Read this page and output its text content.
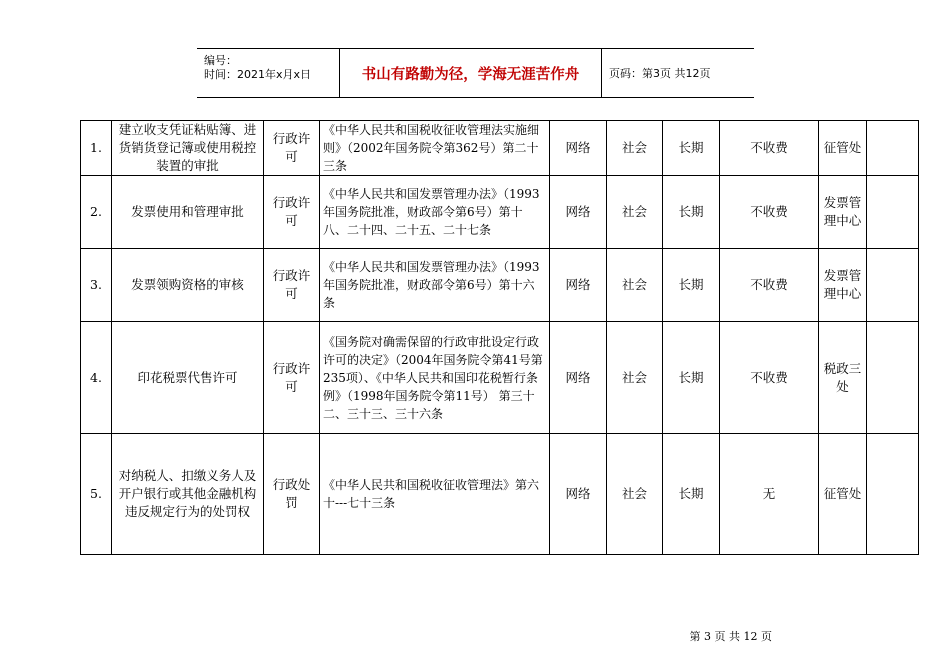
编号：
时间：2021年x月x日	书山有路勤为径，学海无涯苦作舟	页码：第3页 共12页
1.	建立收支凭证粘贴簿、进货销货登记簿或使用税控装置的审批	行政许可	《中华人民共和国税收征收管理法实施细则》（2002年国务院令第362号）第二十三条	网络	社会	长期	不收费	征管处	
2.	发票使用和管理审批	行政许可	《中华人民共和国发票管理办法》（1993年国务院批准，财政部令第6号）第十八、二十四、二十五、二十七条	网络	社会	长期	不收费	发票管理中心	
3.	发票领购资格的审核	行政许可	《中华人民共和国发票管理办法》（1993年国务院批准，财政部令第6号）第十六条	网络	社会	长期	不收费	发票管理中心	
4.	印花税票代售许可	行政许可	《国务院对确需保留的行政审批设定行政许可的决定》（2004年国务院令第41号第235项）、《中华人民共和国印花税暂行条例》（1998年国务院令第11号） 第三十二、三十三、三十六条	网络	社会	长期	不收费	税政三处	
5.	对纳税人、扣缴义务人及开户银行或其他金融机构违反规定行为的处罚权	行政处罚	《中华人民共和国税收征收管理法》第六十---七十三条	网络	社会	长期	无	征管处	
第 3 页 共 12 页
